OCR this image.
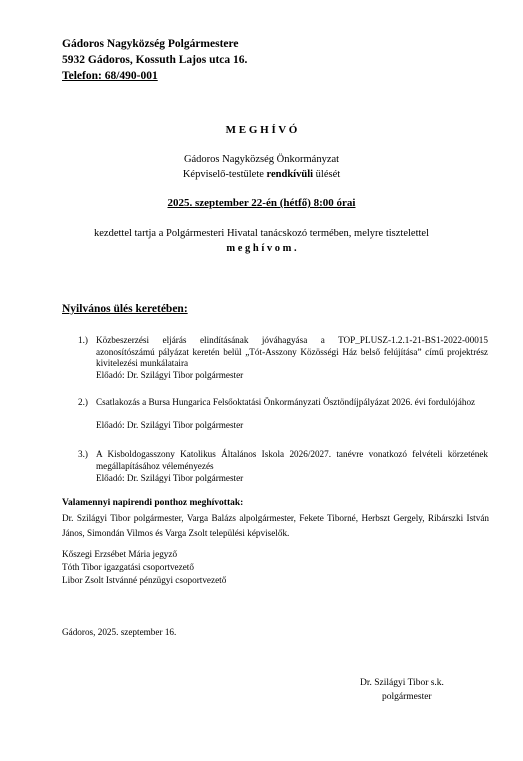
Gádoros Nagyközség Polgármestere
5932 Gádoros, Kossuth Lajos utca 16.
Telefon: 68/490-001
M E G H Í V Ó
Gádoros Nagyközség Önkormányzat
Képviselő-testülete rendkívüli ülését
2025. szeptember 22-én (hétfő) 8:00 órai
kezdettel tartja a Polgármesteri Hivatal tanácskozó termében, melyre tisztelettel
m e g h í v o m .
Nyilvános ülés keretében:
1.) Közbeszerzési eljárás elindításának jóváhagyása a TOP_PLUSZ-1.2.1-21-BS1-2022-00015 azonosítószámú pályázat keretén belül „Tót-Asszony Közösségi Ház belső felújítása” című projektrész kivitelezési munkálataira
Előadó: Dr. Szilágyi Tibor polgármester
2.) Csatlakozás a Bursa Hungarica Felsőoktatási Önkormányzati Ösztöndíjpályázat 2026. évi fordulójához
Előadó: Dr. Szilágyi Tibor polgármester
3.) A Kisboldogasszony Katolikus Általános Iskola 2026/2027. tanévre vonatkozó felvételi körzetének megállapításához véleményezés
Előadó: Dr. Szilágyi Tibor polgármester
Valamennyi napirendi ponthoz meghívottak:
Dr. Szilágyi Tibor polgármester, Varga Balázs alpolgármester, Fekete Tiborné, Herbszt Gergely, Ribárszki István János, Simondán Vilmos és Varga Zsolt települési képviselők.
Kőszegi Erzsébet Mária jegyző
Tóth Tibor igazgatási csoportvezető
Libor Zsolt Istvánné pénzügyi csoportvezető
Gádoros, 2025. szeptember 16.
Dr. Szilágyi Tibor s.k.
polgármester
